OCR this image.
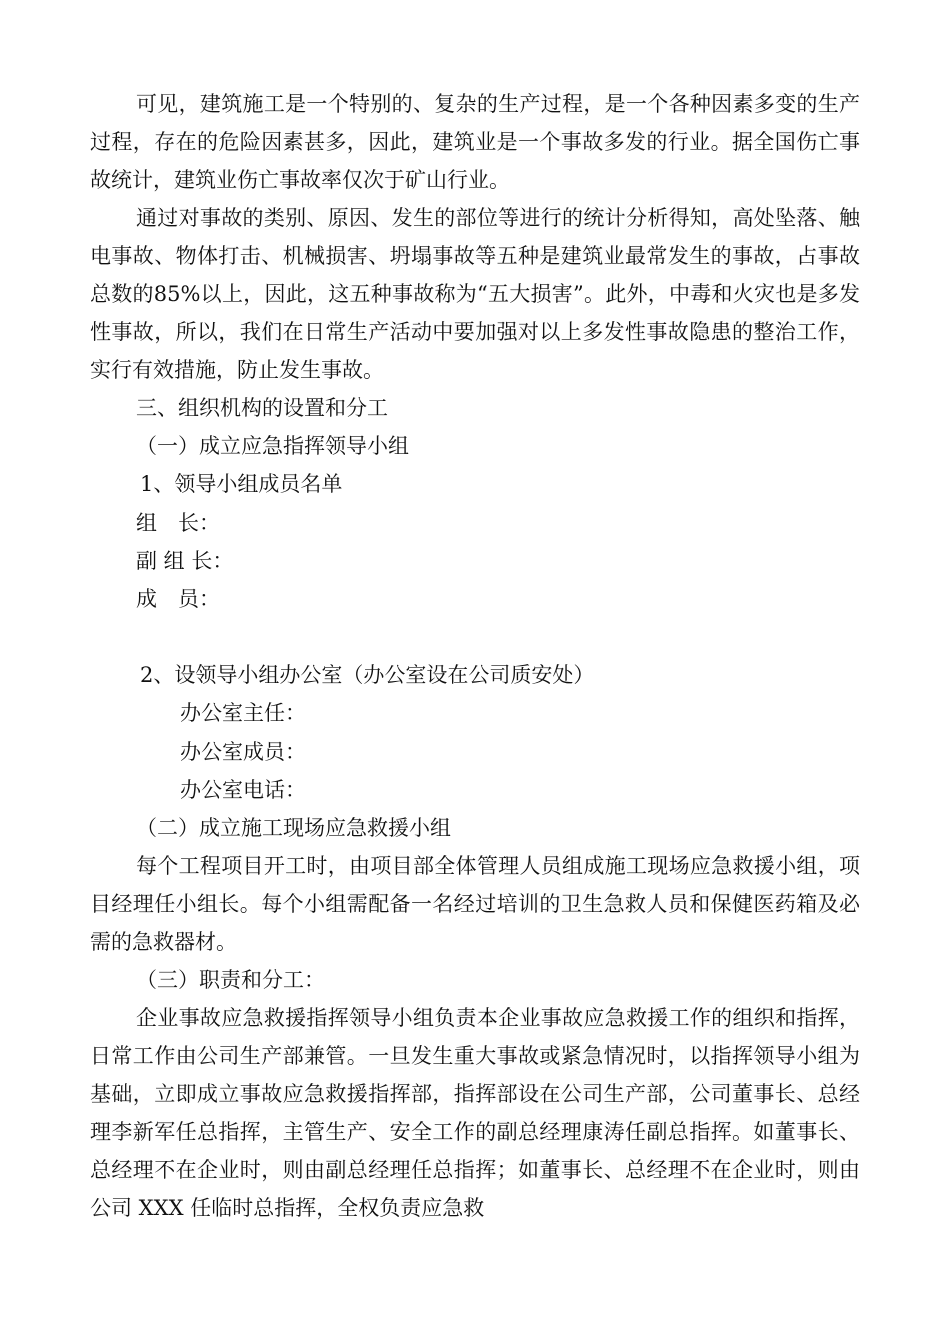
可见，建筑施工是一个特别的、复杂的生产过程，是一个各种因素多变的生产过程，存在的危险因素甚多，因此，建筑业是一个事故多发的行业。据全国伤亡事故统计，建筑业伤亡事故率仅次于矿山行业。

通过对事故的类别、原因、发生的部位等进行的统计分析得知，高处坠落、触电事故、物体打击、机械损害、坍塌事故等五种是建筑业最常发生的事故，占事故总数的85%以上，因此，这五种事故称为“五大损害”。此外，中毒和火灾也是多发性事故，所以，我们在日常生产活动中要加强对以上多发性事故隐患的整治工作，实行有效措施，防止发生事故。

三、组织机构的设置和分工

（一）成立应急指挥领导小组

1、领导小组成员名单

组　长：

副 组 长：

成　员：

2、设领导小组办公室（办公室设在公司质安处）

办公室主任：

办公室成员：

办公室电话：

（二）成立施工现场应急救援小组

每个工程项目开工时，由项目部全体管理人员组成施工现场应急救援小组，项目经理任小组长。每个小组需配备一名经过培训的卫生急救人员和保健医药箱及必需的急救器材。

（三）职责和分工：

企业事故应急救援指挥领导小组负责本企业事故应急救援工作的组织和指挥，日常工作由公司生产部兼管。一旦发生重大事故或紧急情况时，以指挥领导小组为基础，立即成立事故应急救援指挥部，指挥部设在公司生产部，公司董事长、总经理李新军任总指挥，主管生产、安全工作的副总经理康涛任副总指挥。如董事长、总经理不在企业时，则由副总经理任总指挥；如董事长、总经理不在企业时，则由公司 XXX 任临时总指挥，全权负责应急救
